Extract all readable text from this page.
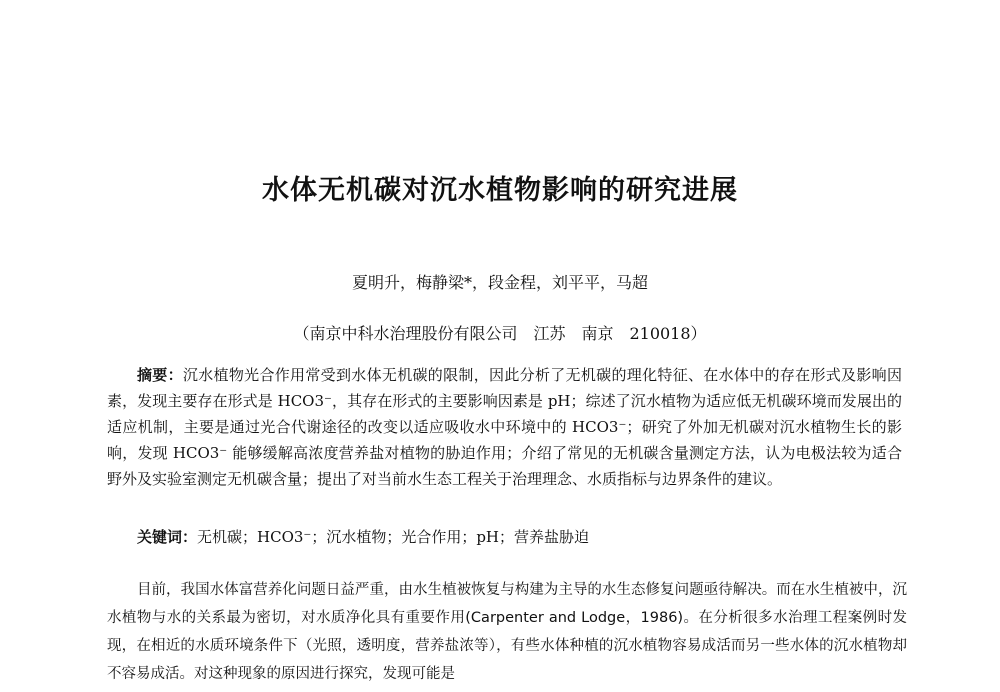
水体无机碳对沉水植物影响的研究进展
夏明升，梅静梁*，段金程，刘平平，马超
（南京中科水治理股份有限公司　江苏　南京　210018）

摘要：沉水植物光合作用常受到水体无机碳的限制，因此分析了无机碳的理化特征、在水体中的存在形式及影响因素，发现主要存在形式是 HCO3⁻，其存在形式的主要影响因素是 pH；综述了沉水植物为适应低无机碳环境而发展出的适应机制，主要是通过光合代谢途径的改变以适应吸收水中环境中的 HCO3⁻；研究了外加无机碳对沉水植物生长的影响，发现 HCO3⁻ 能够缓解高浓度营养盐对植物的胁迫作用；介绍了常见的无机碳含量测定方法，认为电极法较为适合野外及实验室测定无机碳含量；提出了对当前水生态工程关于治理理念、水质指标与边界条件的建议。

关键词：无机碳；HCO3⁻；沉水植物；光合作用；pH；营养盐胁迫

目前，我国水体富营养化问题日益严重，由水生植被恢复与构建为主导的水生态修复问题亟待解决。而在水生植被中，沉水植物与水的关系最为密切，对水质净化具有重要作用(Carpenter and Lodge，1986)。在分析很多水治理工程案例时发现，在相近的水质环境条件下（光照，透明度，营养盐浓等），有些水体种植的沉水植物容易成活而另一些水体的沉水植物却不容易成活。对这种现象的原因进行探究，发现可能是
